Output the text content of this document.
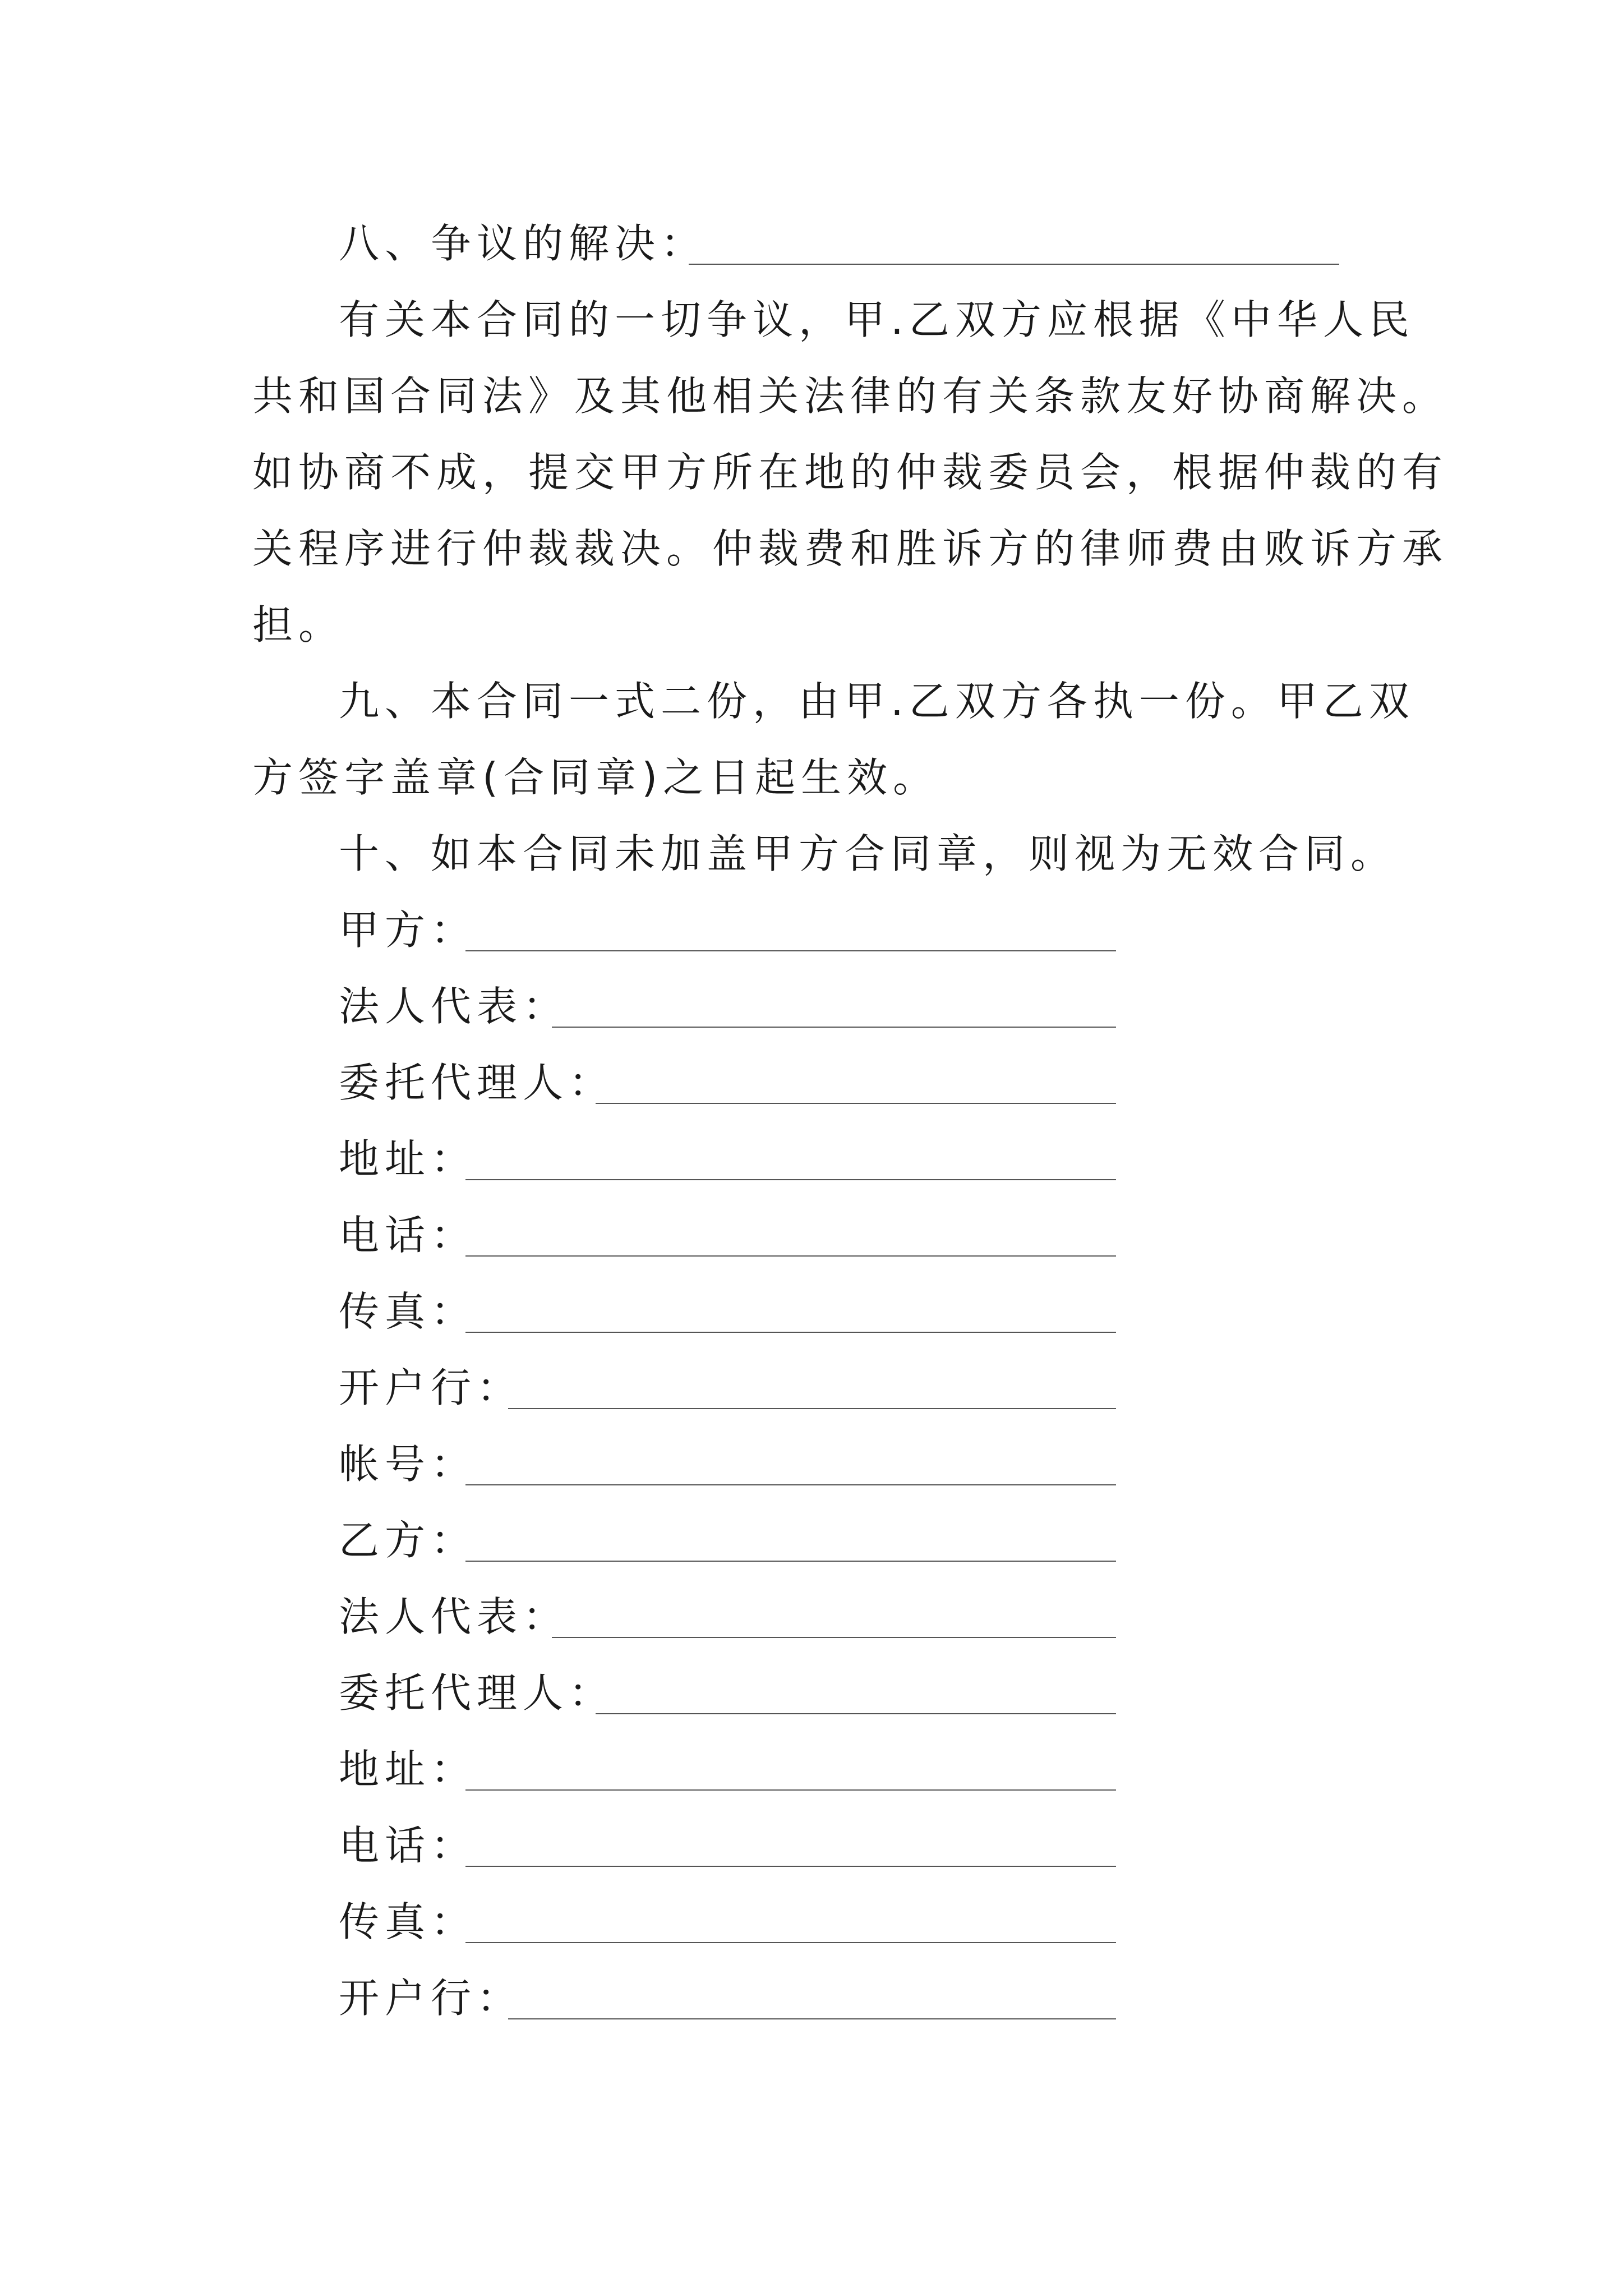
八、争议的解决：
有关本合同的一切争议，甲.乙双方应根据《中华人民
共和国合同法》及其他相关法律的有关条款友好协商解决。
如协商不成，提交甲方所在地的仲裁委员会，根据仲裁的有
关程序进行仲裁裁决。仲裁费和胜诉方的律师费由败诉方承
担。
九、本合同一式二份，由甲.乙双方各执一份。甲乙双
方签字盖章(合同章)之日起生效。
十、如本合同未加盖甲方合同章，则视为无效合同。
甲方：
法人代表：
委托代理人：
地址：
电话：
传真：
开户行：
帐号：
乙方：
法人代表：
委托代理人：
地址：
电话：
传真：
开户行：
